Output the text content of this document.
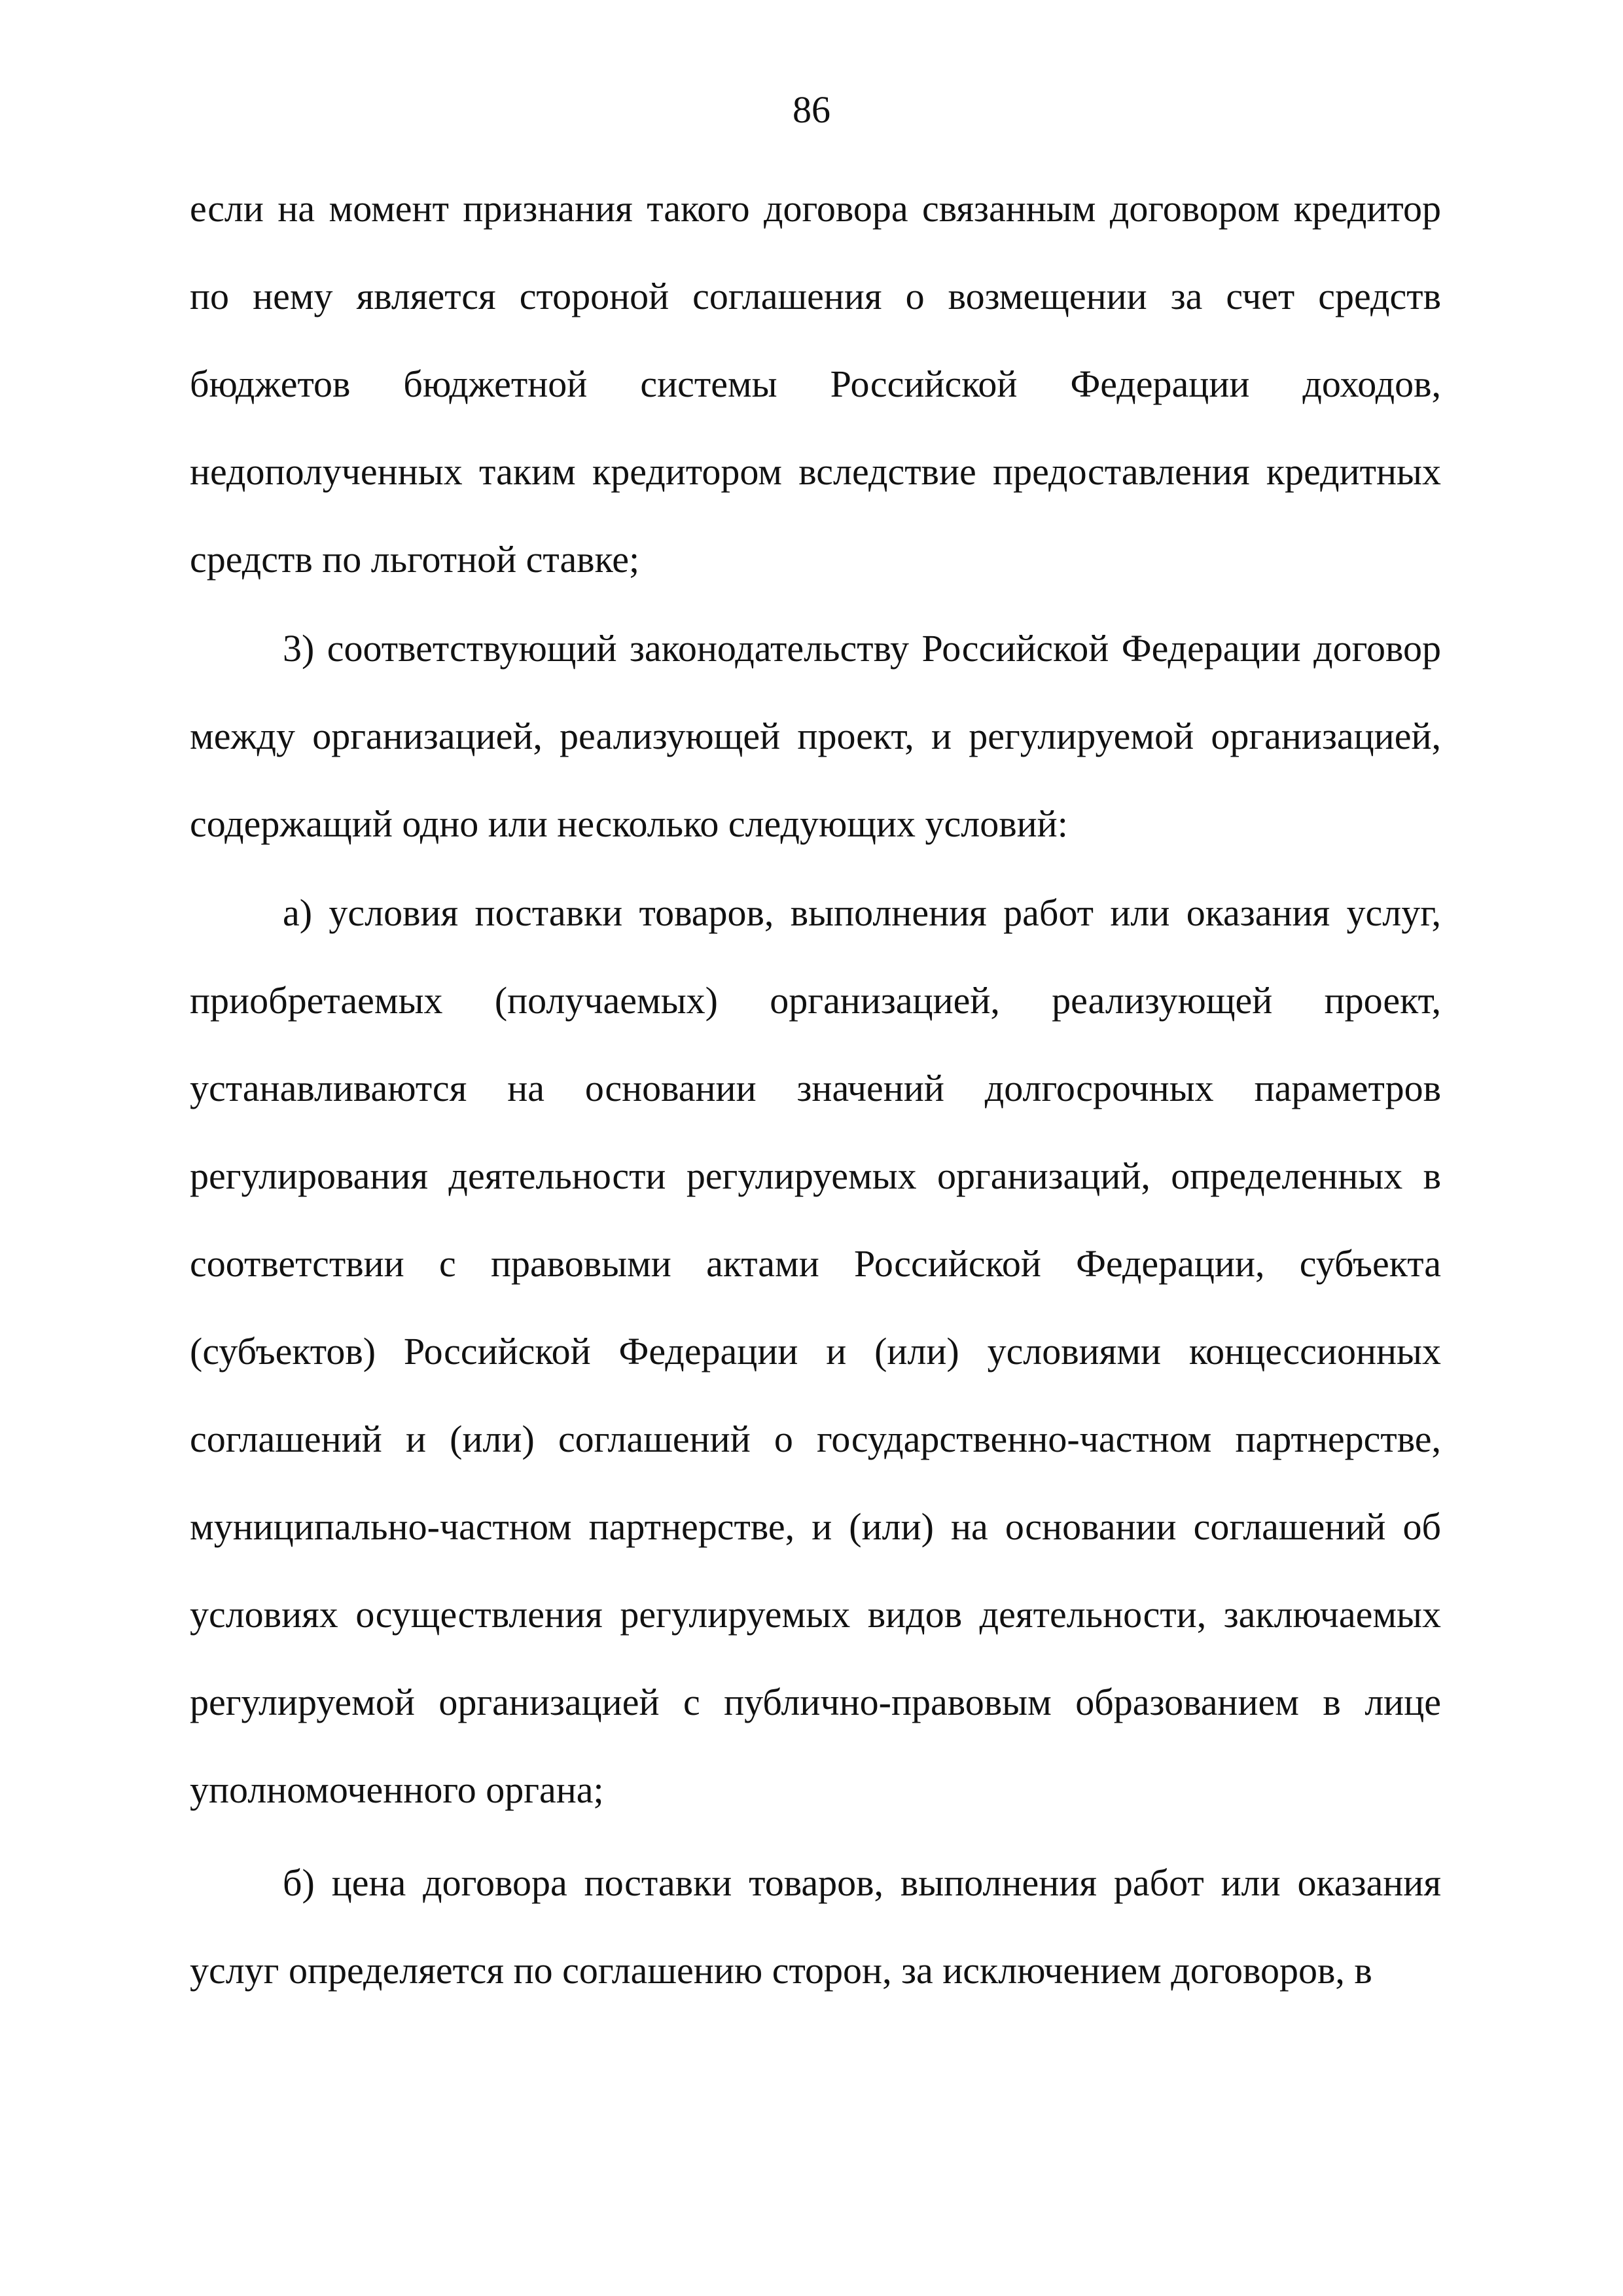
86

если на момент признания такого договора связанным договором кредитор по нему является стороной соглашения о возмещении за счет средств бюджетов бюджетной системы Российской Федерации доходов, недополученных таким кредитором вследствие предоставления кредитных средств по льготной ставке;

3) соответствующий законодательству Российской Федерации договор между организацией, реализующей проект, и регулируемой организацией, содержащий одно или несколько следующих условий:

а) условия поставки товаров, выполнения работ или оказания услуг, приобретаемых (получаемых) организацией, реализующей проект, устанавливаются на основании значений долгосрочных параметров регулирования деятельности регулируемых организаций, определенных в соответствии с правовыми актами Российской Федерации, субъекта (субъектов) Российской Федерации и (или) условиями концессионных соглашений и (или) соглашений о государственно-частном партнерстве, муниципально-частном партнерстве, и (или) на основании соглашений об условиях осуществления регулируемых видов деятельности, заключаемых регулируемой организацией с публично-правовым образованием в лице уполномоченного органа;

б) цена договора поставки товаров, выполнения работ или оказания услуг определяется по соглашению сторон, за исключением договоров, в
